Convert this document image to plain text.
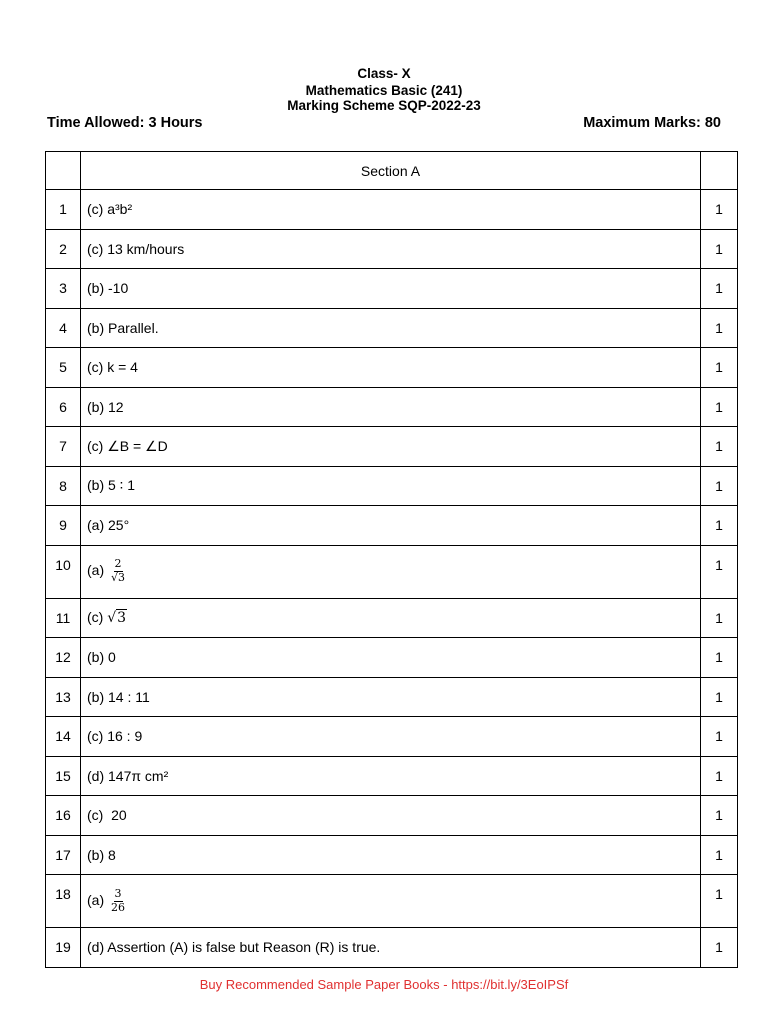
Class- X
Mathematics Basic (241)
Marking Scheme SQP-2022-23
Time Allowed: 3 Hours	Maximum Marks: 80
	Section A	
1	(c) a³b²	1
2	(c) 13 km/hours	1
3	(b) -10	1
4	(b) Parallel.	1
5	(c) k = 4	1
6	(b) 12	1
7	(c) ∠B = ∠D	1
8	(b) 5 ∶ 1	1
9	(a) 25°	1
10	$(a) \frac{2}{√3}$	1
11	(c) √3	1
12	(b) 0	1
13	(b) 14 : 11	1
14	(c) 16 : 9	1
15	(d) 147π cm²	1
16	(c)  20	1
17	(b) 8	1
18	$(a) \frac{3}{26}$	1
19	(d) Assertion (A) is false but Reason (R) is true.	1
Buy Recommended Sample Paper Books - https://bit.ly/3EoIPSf
